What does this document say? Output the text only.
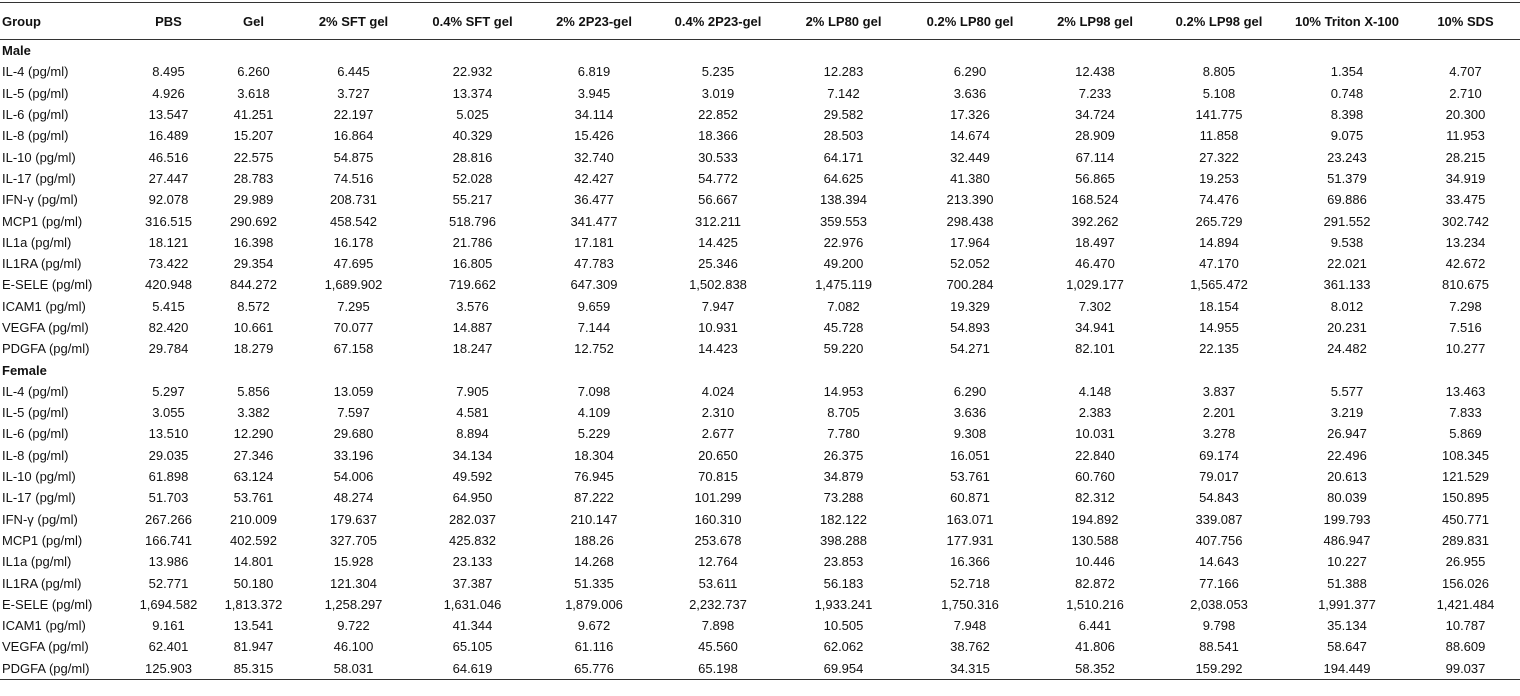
Group	PBS	Gel	2% SFT gel	0.4% SFT gel	2% 2P23-gel	0.4% 2P23-gel	2% LP80 gel	0.2% LP80 gel	2% LP98 gel	0.2% LP98 gel	10% Triton X-100	10% SDS
Male												
IL-4 (pg/ml)	8.495	6.260	6.445	22.932	6.819	5.235	12.283	6.290	12.438	8.805	1.354	4.707
IL-5 (pg/ml)	4.926	3.618	3.727	13.374	3.945	3.019	7.142	3.636	7.233	5.108	0.748	2.710
IL-6 (pg/ml)	13.547	41.251	22.197	5.025	34.114	22.852	29.582	17.326	34.724	141.775	8.398	20.300
IL-8 (pg/ml)	16.489	15.207	16.864	40.329	15.426	18.366	28.503	14.674	28.909	11.858	9.075	11.953
IL-10 (pg/ml)	46.516	22.575	54.875	28.816	32.740	30.533	64.171	32.449	67.114	27.322	23.243	28.215
IL-17 (pg/ml)	27.447	28.783	74.516	52.028	42.427	54.772	64.625	41.380	56.865	19.253	51.379	34.919
IFN-γ (pg/ml)	92.078	29.989	208.731	55.217	36.477	56.667	138.394	213.390	168.524	74.476	69.886	33.475
MCP1 (pg/ml)	316.515	290.692	458.542	518.796	341.477	312.211	359.553	298.438	392.262	265.729	291.552	302.742
IL1a (pg/ml)	18.121	16.398	16.178	21.786	17.181	14.425	22.976	17.964	18.497	14.894	9.538	13.234
IL1RA (pg/ml)	73.422	29.354	47.695	16.805	47.783	25.346	49.200	52.052	46.470	47.170	22.021	42.672
E-SELE (pg/ml)	420.948	844.272	1,689.902	719.662	647.309	1,502.838	1,475.119	700.284	1,029.177	1,565.472	361.133	810.675
ICAM1 (pg/ml)	5.415	8.572	7.295	3.576	9.659	7.947	7.082	19.329	7.302	18.154	8.012	7.298
VEGFA (pg/ml)	82.420	10.661	70.077	14.887	7.144	10.931	45.728	54.893	34.941	14.955	20.231	7.516
PDGFA (pg/ml)	29.784	18.279	67.158	18.247	12.752	14.423	59.220	54.271	82.101	22.135	24.482	10.277
Female												
IL-4 (pg/ml)	5.297	5.856	13.059	7.905	7.098	4.024	14.953	6.290	4.148	3.837	5.577	13.463
IL-5 (pg/ml)	3.055	3.382	7.597	4.581	4.109	2.310	8.705	3.636	2.383	2.201	3.219	7.833
IL-6 (pg/ml)	13.510	12.290	29.680	8.894	5.229	2.677	7.780	9.308	10.031	3.278	26.947	5.869
IL-8 (pg/ml)	29.035	27.346	33.196	34.134	18.304	20.650	26.375	16.051	22.840	69.174	22.496	108.345
IL-10 (pg/ml)	61.898	63.124	54.006	49.592	76.945	70.815	34.879	53.761	60.760	79.017	20.613	121.529
IL-17 (pg/ml)	51.703	53.761	48.274	64.950	87.222	101.299	73.288	60.871	82.312	54.843	80.039	150.895
IFN-γ (pg/ml)	267.266	210.009	179.637	282.037	210.147	160.310	182.122	163.071	194.892	339.087	199.793	450.771
MCP1 (pg/ml)	166.741	402.592	327.705	425.832	188.26	253.678	398.288	177.931	130.588	407.756	486.947	289.831
IL1a (pg/ml)	13.986	14.801	15.928	23.133	14.268	12.764	23.853	16.366	10.446	14.643	10.227	26.955
IL1RA (pg/ml)	52.771	50.180	121.304	37.387	51.335	53.611	56.183	52.718	82.872	77.166	51.388	156.026
E-SELE (pg/ml)	1,694.582	1,813.372	1,258.297	1,631.046	1,879.006	2,232.737	1,933.241	1,750.316	1,510.216	2,038.053	1,991.377	1,421.484
ICAM1 (pg/ml)	9.161	13.541	9.722	41.344	9.672	7.898	10.505	7.948	6.441	9.798	35.134	10.787
VEGFA (pg/ml)	62.401	81.947	46.100	65.105	61.116	45.560	62.062	38.762	41.806	88.541	58.647	88.609
PDGFA (pg/ml)	125.903	85.315	58.031	64.619	65.776	65.198	69.954	34.315	58.352	159.292	194.449	99.037
